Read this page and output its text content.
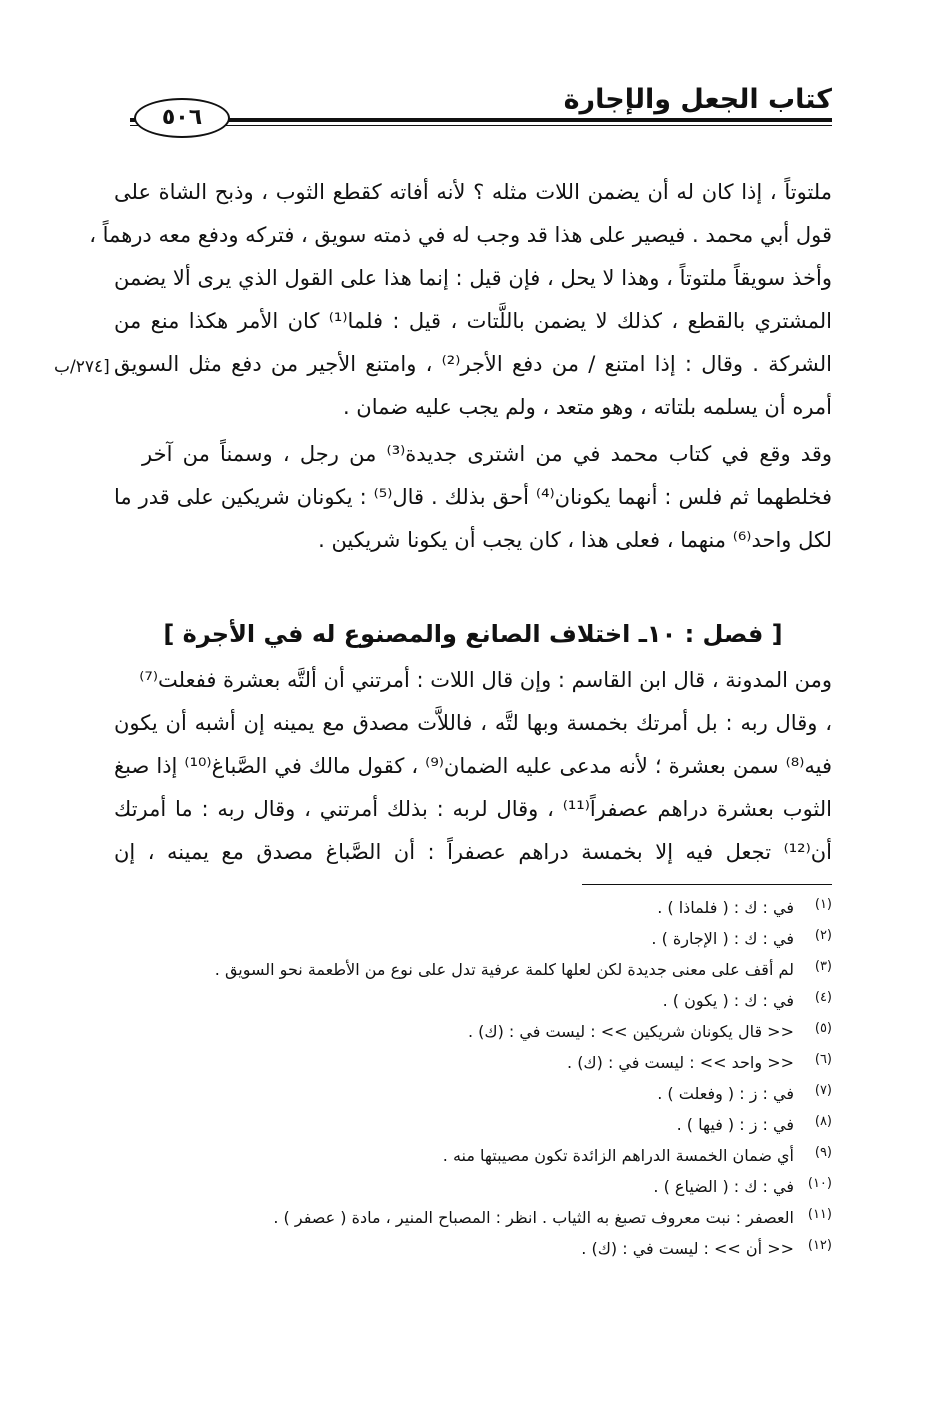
كتاب الجعل والإجارة
٥٠٦
ملتوتاً ، إذا كان له أن يضمن اللات مثله ؟ لأنه أفاته كقطع الثوب ، وذبح الشاة على
قول أبي محمد . فيصير على هذا قد وجب له في ذمته سويق ، فتركه ودفع معه درهماً ،
وأخذ سويقاً ملتوتاً ، وهذا لا يحل ، فإن قيل : إنما هذا على القول الذي يرى ألا يضمن
المشتري بالقطع ، كذلك لا يضمن باللَّتات ، قيل : فلما⁽¹⁾ كان الأمر هكذا منع من
الشركة . وقال : إذا امتنع / من دفع الأجر⁽²⁾ ، وامتنع الأجير من دفع مثل السويق
أمره أن يسلمه بلتاته ، وهو متعد ، ولم يجب عليه ضمان .
وقد وقع في كتاب محمد في من اشترى جديدة⁽³⁾ من رجل ، وسمناً من آخر
فخلطهما ثم فلس : أنهما يكونان⁽⁴⁾ أحق بذلك . قال⁽⁵⁾ : يكونان شريكين على قدر ما
لكل واحد⁽⁶⁾ منهما ، فعلى هذا ، كان يجب أن يكونا شريكين .
[٢٧٤/ب
[ فصل : ١٠ـ اختلاف الصانع والمصنوع له في الأجرة ]
ومن المدونة ، قال ابن القاسم : وإن قال اللات : أمرتني أن ألتَّه بعشرة ففعلت⁽⁷⁾
، وقال ربه : بل أمرتك بخمسة وبها لتَّه ، فاللاَّت مصدق مع يمينه إن أشبه أن يكون
فيه⁽⁸⁾ سمن بعشرة ؛ لأنه مدعى عليه الضمان⁽⁹⁾ ، كقول مالك في الصَّباغ⁽¹⁰⁾ إذا صبغ
الثوب بعشرة دراهم عصفراً⁽¹¹⁾ ، وقال لربه : بذلك أمرتني ، وقال ربه : ما أمرتك
أن⁽¹²⁾ تجعل فيه إلا بخمسة دراهم عصفراً : أن الصَّباغ مصدق مع يمينه ، إن
(١)في : ك : ( فلماذا ) .
(٢)في : ك : ( الإجارة ) .
(٣)لم أقف على معنى جديدة لكن لعلها كلمة عرفية تدل على نوع من الأطعمة نحو السويق .
(٤)في : ك : ( يكون ) .
(٥)<< قال يكونان شريكين >> : ليست في : (ك) .
(٦)<< واحد >> : ليست في : (ك) .
(٧)في : ز : ( وفعلت ) .
(٨)في : ز : ( فيها ) .
(٩)أي ضمان الخمسة الدراهم الزائدة تكون مصيبتها منه .
(١٠)في : ك : ( الضياع ) .
(١١)العصفر : نبت معروف تصبغ به الثياب . انظر : المصباح المنير ، مادة ( عصفر ) .
(١٢)<< أن >> : ليست في : (ك) .
